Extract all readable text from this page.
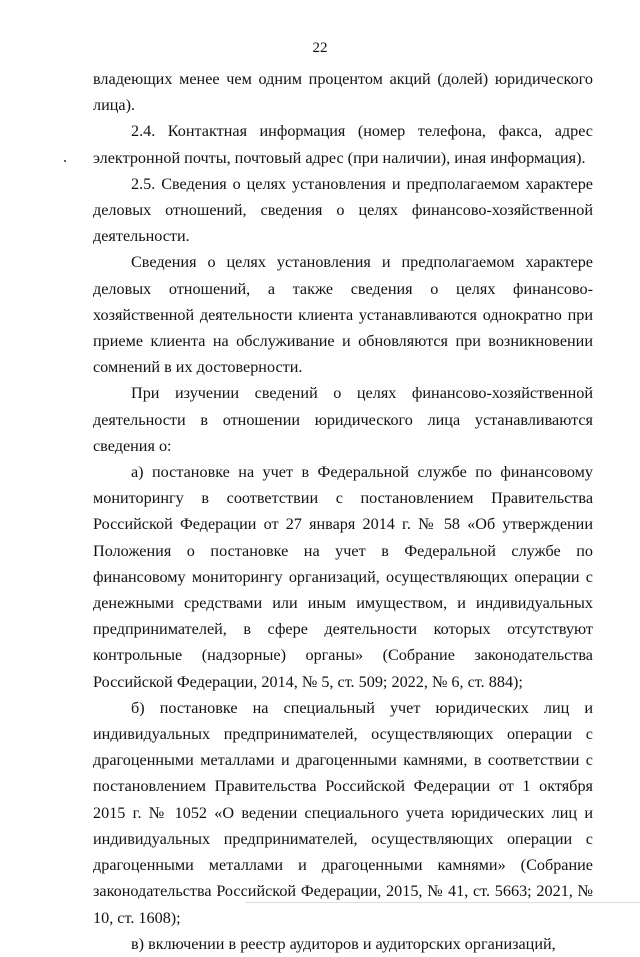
22

владеющих менее чем одним процентом акций (долей) юридического лица).

2.4. Контактная информация (номер телефона, факса, адрес электронной почты, почтовый адрес (при наличии), иная информация).

2.5. Сведения о целях установления и предполагаемом характере деловых отношений, сведения о целях финансово-хозяйственной деятельности.

Сведения о целях установления и предполагаемом характере деловых отношений, а также сведения о целях финансово-хозяйственной деятельности клиента устанавливаются однократно при приеме клиента на обслуживание и обновляются при возникновении сомнений в их достоверности.

При изучении сведений о целях финансово-хозяйственной деятельности в отношении юридического лица устанавливаются сведения о:

а) постановке на учет в Федеральной службе по финансовому мониторингу в соответствии с постановлением Правительства Российской Федерации от 27 января 2014 г. № 58 «Об утверждении Положения о постановке на учет в Федеральной службе по финансовому мониторингу организаций, осуществляющих операции с денежными средствами или иным имуществом, и индивидуальных предпринимателей, в сфере деятельности которых отсутствуют контрольные (надзорные) органы» (Собрание законодательства Российской Федерации, 2014, № 5, ст. 509; 2022, № 6, ст. 884);

б) постановке на специальный учет юридических лиц и индивидуальных предпринимателей, осуществляющих операции с драгоценными металлами и драгоценными камнями, в соответствии с постановлением Правительства Российской Федерации от 1 октября 2015 г. № 1052 «О ведении специального учета юридических лиц и индивидуальных предпринимателей, осуществляющих операции с драгоценными металлами и драгоценными камнями» (Собрание законодательства Российской Федерации, 2015, № 41, ст. 5663; 2021, № 10, ст. 1608);

в) включении в реестр аудиторов и аудиторских организаций,
